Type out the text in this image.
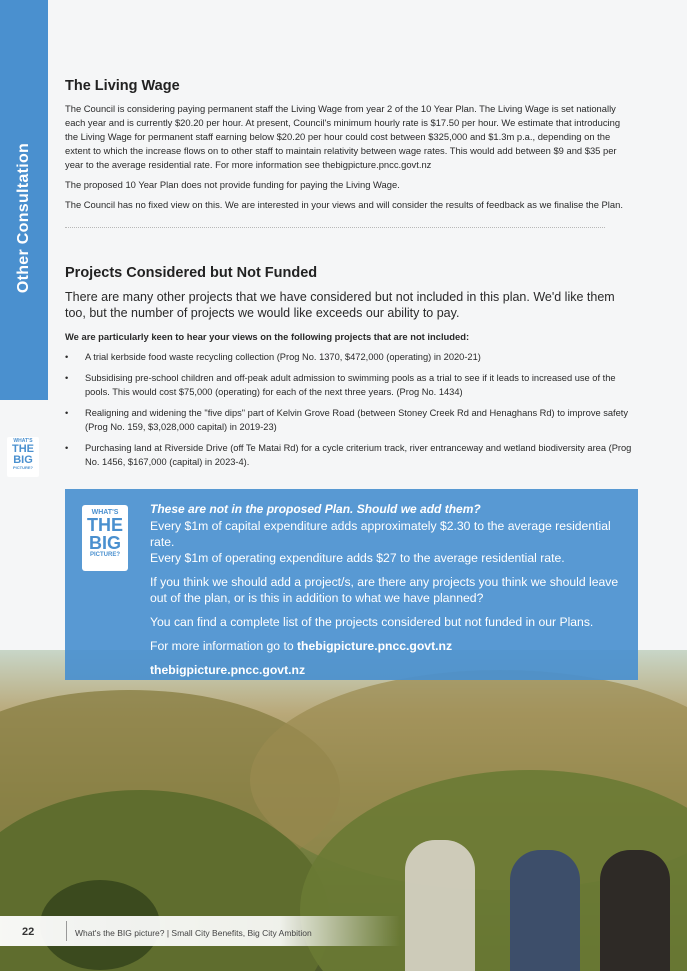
Other Consultation
WHAT'S
THE
BIG
PICTURE?
The Living Wage

The Council is considering paying permanent staff the Living Wage from year 2 of the 10 Year Plan. The Living Wage is set nationally each year and is currently $20.20 per hour. At present, Council's minimum hourly rate is $17.50 per hour. We estimate that introducing the Living Wage for permanent staff earning below $20.20 per hour could cost between $325,000 and $1.3m p.a., depending on the extent to which the increase flows on to other staff to maintain relativity between wage rates. This would add between $9 and $35 per year to the average residential rate. For more information see thebigpicture.pncc.govt.nz

The proposed 10 Year Plan does not provide funding for paying the Living Wage.

The Council has no fixed view on this. We are interested in your views and will consider the results of feedback as we finalise the Plan.

Projects Considered but Not Funded

There are many other projects that we have considered but not included in this plan. We'd like them too, but the number of projects we would like exceeds our ability to pay.

We are particularly keen to hear your views on the following projects that are not included:

• A trial kerbside food waste recycling collection (Prog No. 1370, $472,000 (operating) in 2020-21)
• Subsidising pre-school children and off-peak adult admission to swimming pools as a trial to see if it leads to increased use of the pools. This would cost $75,000 (operating) for each of the next three years. (Prog No. 1434)
• Realigning and widening the "five dips" part of Kelvin Grove Road (between Stoney Creek Rd and Henaghans Rd) to improve safety (Prog No. 159, $3,028,000 capital) in 2019-23)
• Purchasing land at Riverside Drive (off Te Matai Rd) for a cycle criterium track, river entranceway and wetland biodiversity area (Prog No. 1456, $167,000 (capital) in 2023-4).
WHAT'S
THE
BIG
PICTURE?
These are not in the proposed Plan. Should we add them?

Every $1m of capital expenditure adds approximately $2.30 to the average residential rate.
Every $1m of operating expenditure adds $27 to the average residential rate.

If you think we should add a project/s, are there any projects you think we should leave out of the plan, or is this in addition to what we have planned?

You can find a complete list of the projects considered but not funded in our Plans.

For more information go to thebigpicture.pncc.govt.nz

thebigpicture.pncc.govt.nz

22	What's the BIG picture? | Small City Benefits, Big City Ambition
